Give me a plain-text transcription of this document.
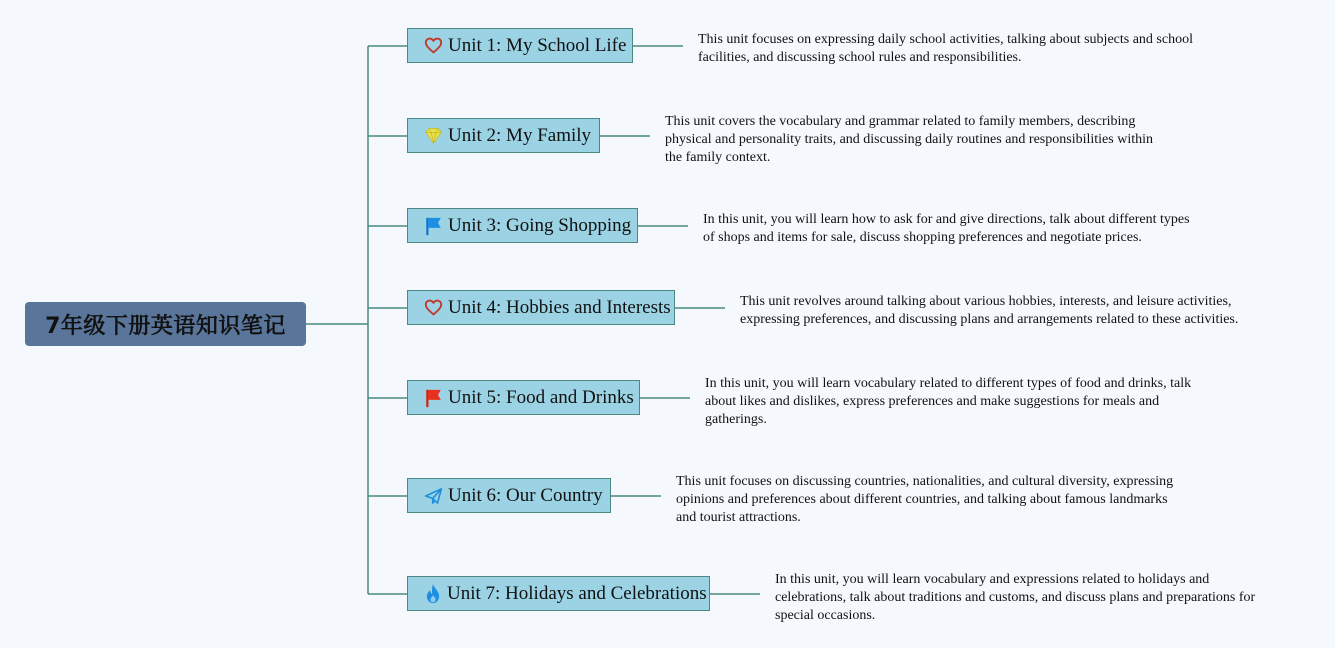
7年级下册英语知识笔记
Unit 1: My School Life	This unit focuses on expressing daily school activities, talking about subjects and school facilities, and discussing school rules and responsibilities.
Unit 2: My Family
This unit covers the vocabulary and grammar related to family members, describing physical and personality traits, and discussing daily routines and responsibilities within the family context.
Unit 3: Going Shopping	In this unit, you will learn how to ask for and give directions, talk about different types of shops and items for sale, discuss shopping preferences and negotiate prices.
Unit 4: Hobbies and Interests	This unit revolves around talking about various hobbies, interests, and leisure activities, expressing preferences, and discussing plans and arrangements related to these activities.
Unit 5: Food and Drinks
In this unit, you will learn vocabulary related to different types of food and drinks, talk about likes and dislikes, express preferences and make suggestions for meals and gatherings.
Unit 6: Our Country
This unit focuses on discussing countries, nationalities, and cultural diversity, expressing opinions and preferences about different countries, and talking about famous landmarks and tourist attractions.
Unit 7: Holidays and Celebrations
In this unit, you will learn vocabulary and expressions related to holidays and celebrations, talk about traditions and customs, and discuss plans and preparations for special occasions.
